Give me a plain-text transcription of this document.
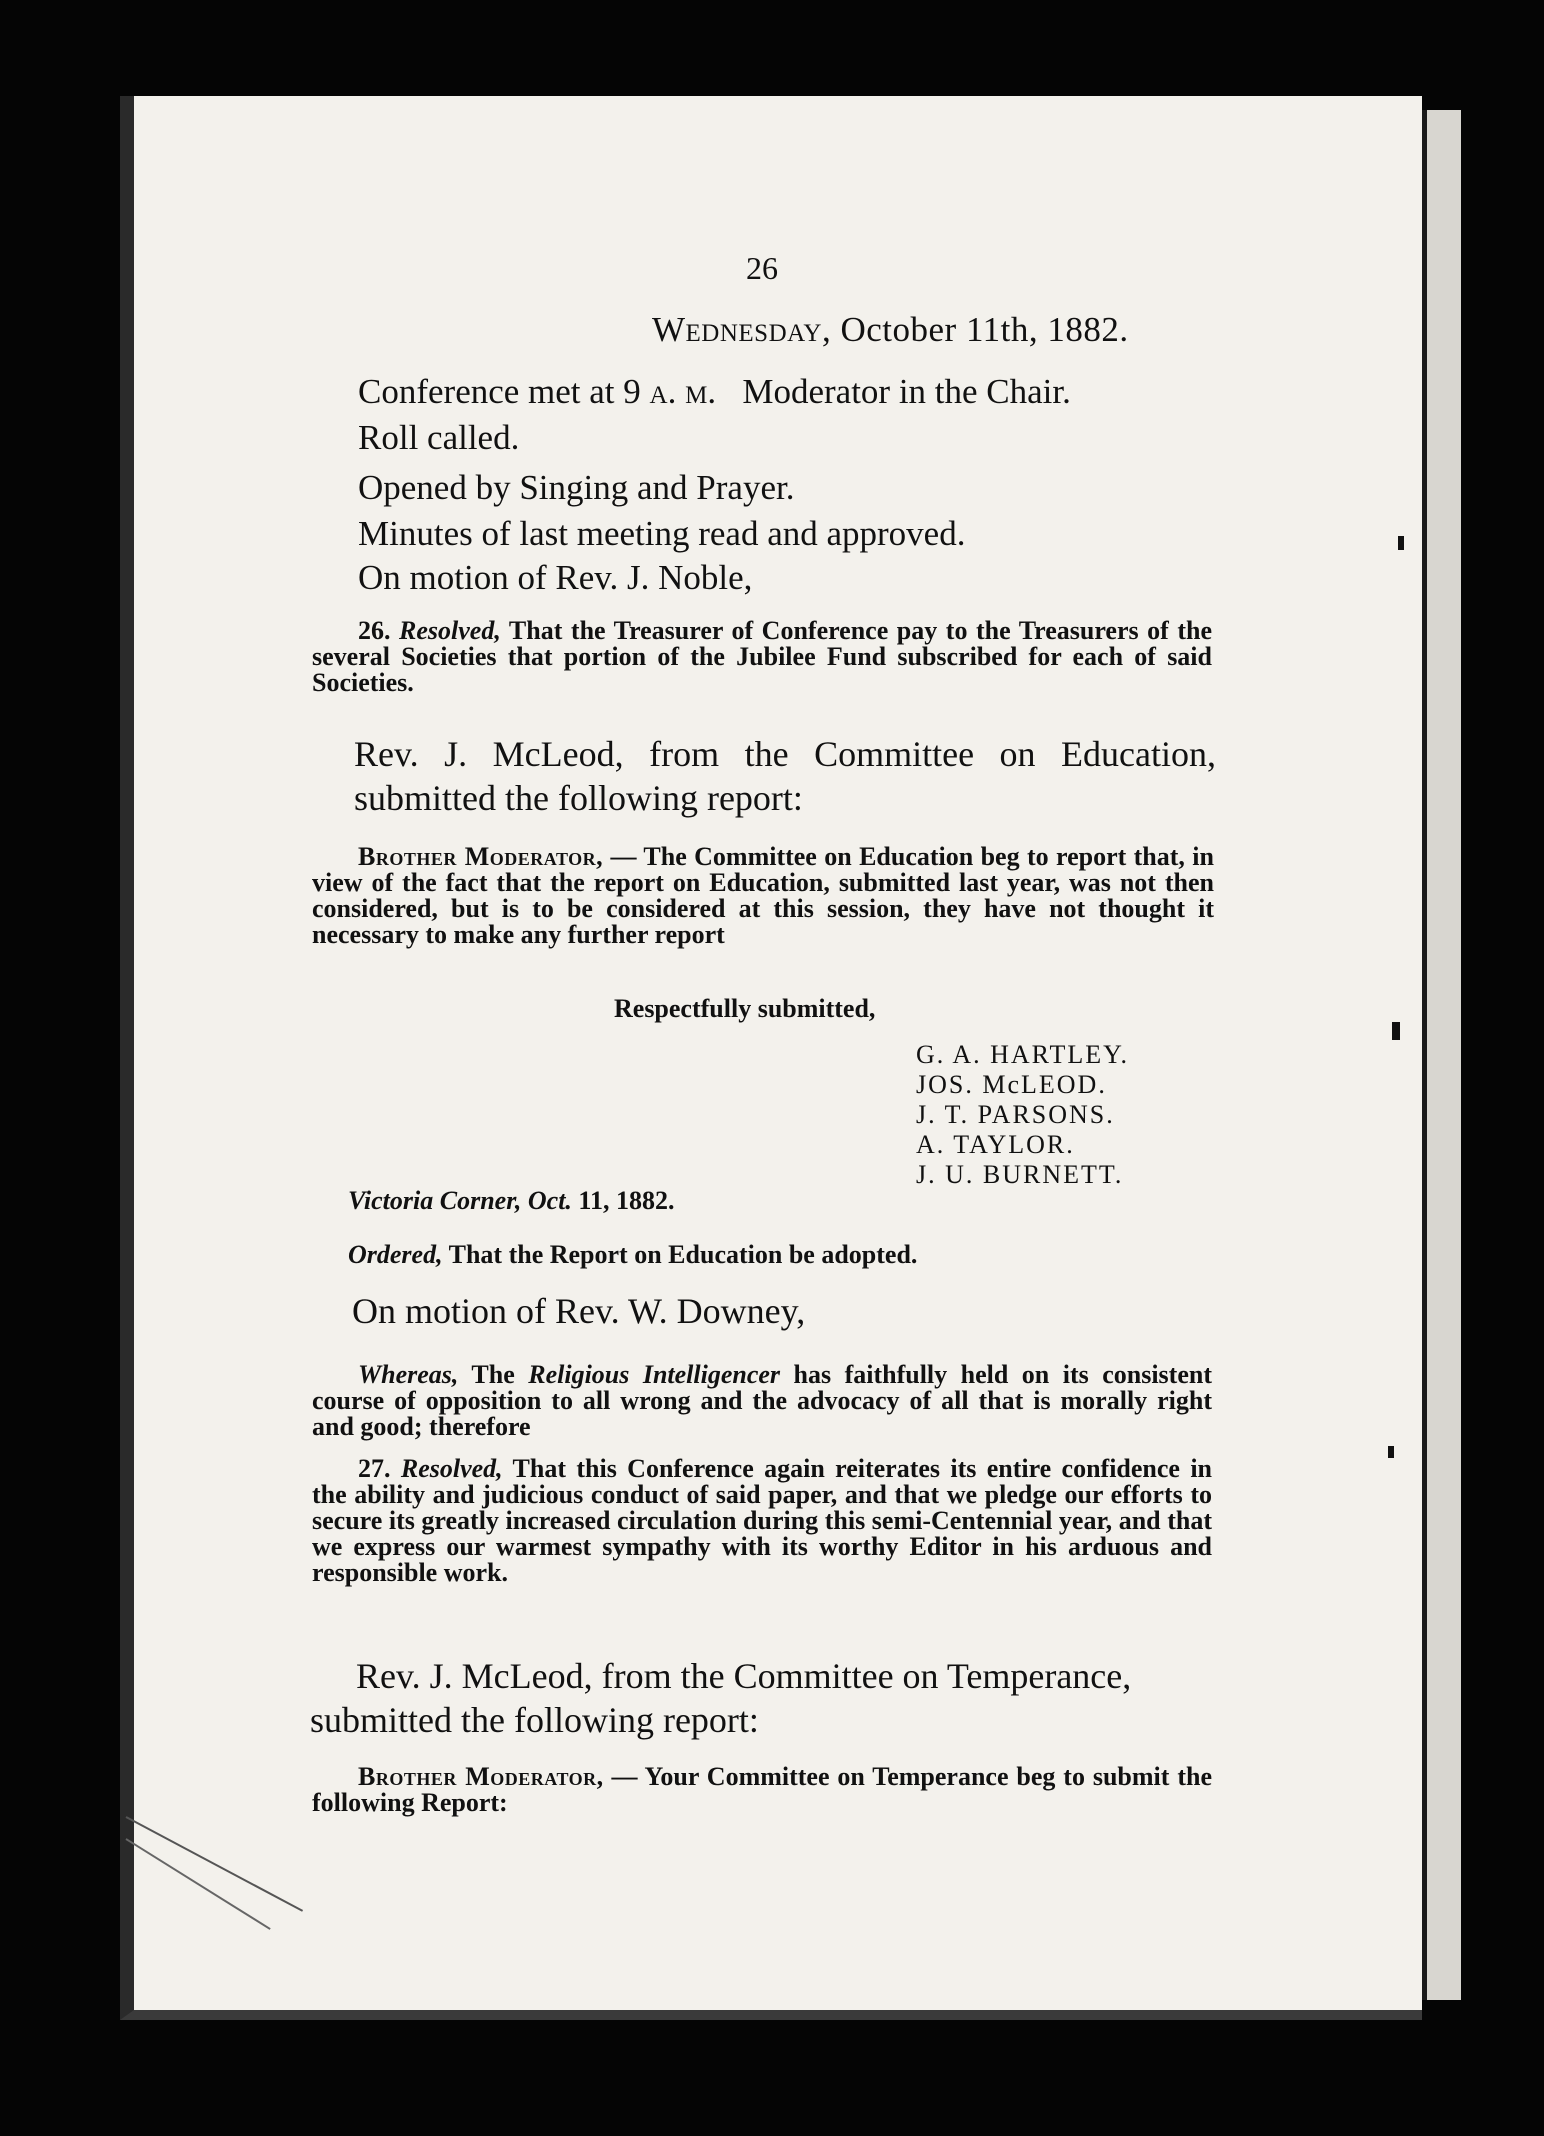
26
Wednesday, October 11th, 1882.
Conference met at 9 a. m.   Moderator in the Chair.
Roll called.
Opened by Singing and Prayer.
Minutes of last meeting read and approved.
On motion of Rev. J. Noble,
26. Resolved, That the Treasurer of Conference pay to the Treasurers of the several Societies that portion of the Jubilee Fund subscribed for each of said Societies.
Rev. J. McLeod, from the Committee on Education, submitted the following report:
Brother Moderator, — The Committee on Education beg to report that, in view of the fact that the report on Education, submitted last year, was not then considered, but is to be considered at this session, they have not thought it necessary to make any further report
Respectfully submitted,
G. A. HARTLEY.
JOS. McLEOD.
J. T. PARSONS.
A. TAYLOR.
J. U. BURNETT.
Victoria Corner, Oct. 11, 1882.
Ordered, That the Report on Education be adopted.
On motion of Rev. W. Downey,
Whereas, The Religious Intelligencer has faithfully held on its consistent course of opposition to all wrong and the advocacy of all that is morally right and good; therefore
27. Resolved, That this Conference again reiterates its entire confidence in the ability and judicious conduct of said paper, and that we pledge our efforts to secure its greatly increased circulation during this semi-Centennial year, and that we express our warmest sympathy with its worthy Editor in his arduous and responsible work.
Rev. J. McLeod, from the Committee on Temperance, submitted the following report:
Brother Moderator, — Your Committee on Temperance beg to submit the following Report:
